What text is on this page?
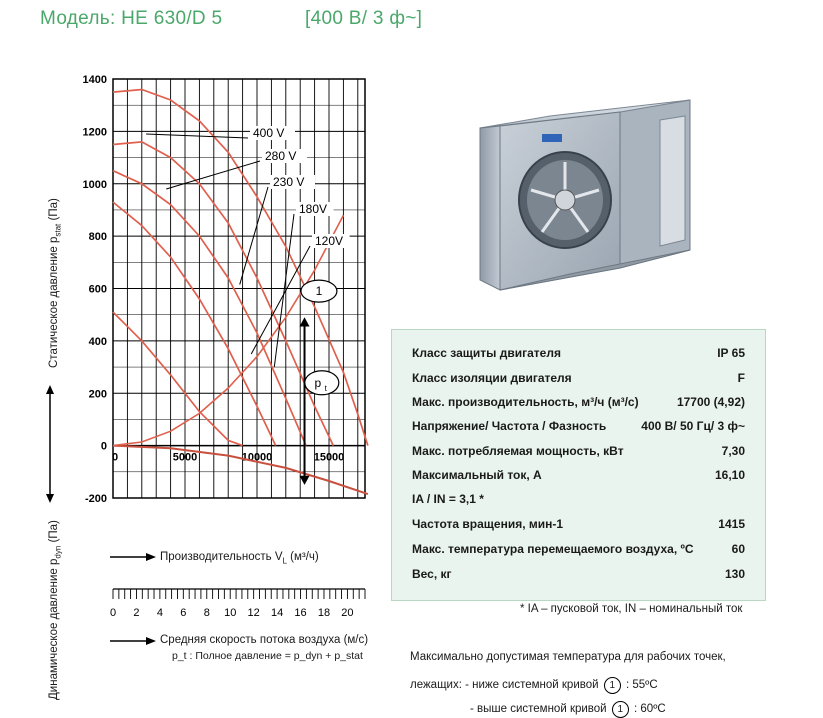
Модель: HE 630/D 5	[400 В/ 3 ф~]
Статическое давление $p_{stat}$ (Па)
Динамическое давление $p_{dyn}$ (Па)
1400
1200
1000
800
600
400
200
0
-200
0	5000	10000	15000
400 V
280 V
230 V
180V
120V
1
p t
Производительность $V_L$ (м³/ч)
0 2 4 6 8 10 12 14 16 18 20
Средняя скорость потока воздуха (м/с)
p_t : Полное давление = p_dyn + p_stat
Класс защиты двигателя	IP 65
Класс изоляции двигателя	F
Макс. производительность, м³/ч (м³/с)	17700 (4,92)
Напряжение/ Частота / Фазность	400 В/ 50 Гц/ 3 ф~
Макс. потребляемая мощность, кВт	7,30
Максимальный ток, А	16,10
IA / IN = 3,1 *
Частота вращения, мин-1	1415
Макс. температура перемещаемого воздуха, ºС	60
Вес, кг	130
* IA – пусковой ток, IN – номинальный ток
Максимально допустимая температура для рабочих точек,
лежащих: - ниже системной кривой 1 : 55ºС
- выше системной кривой 1 : 60ºС
